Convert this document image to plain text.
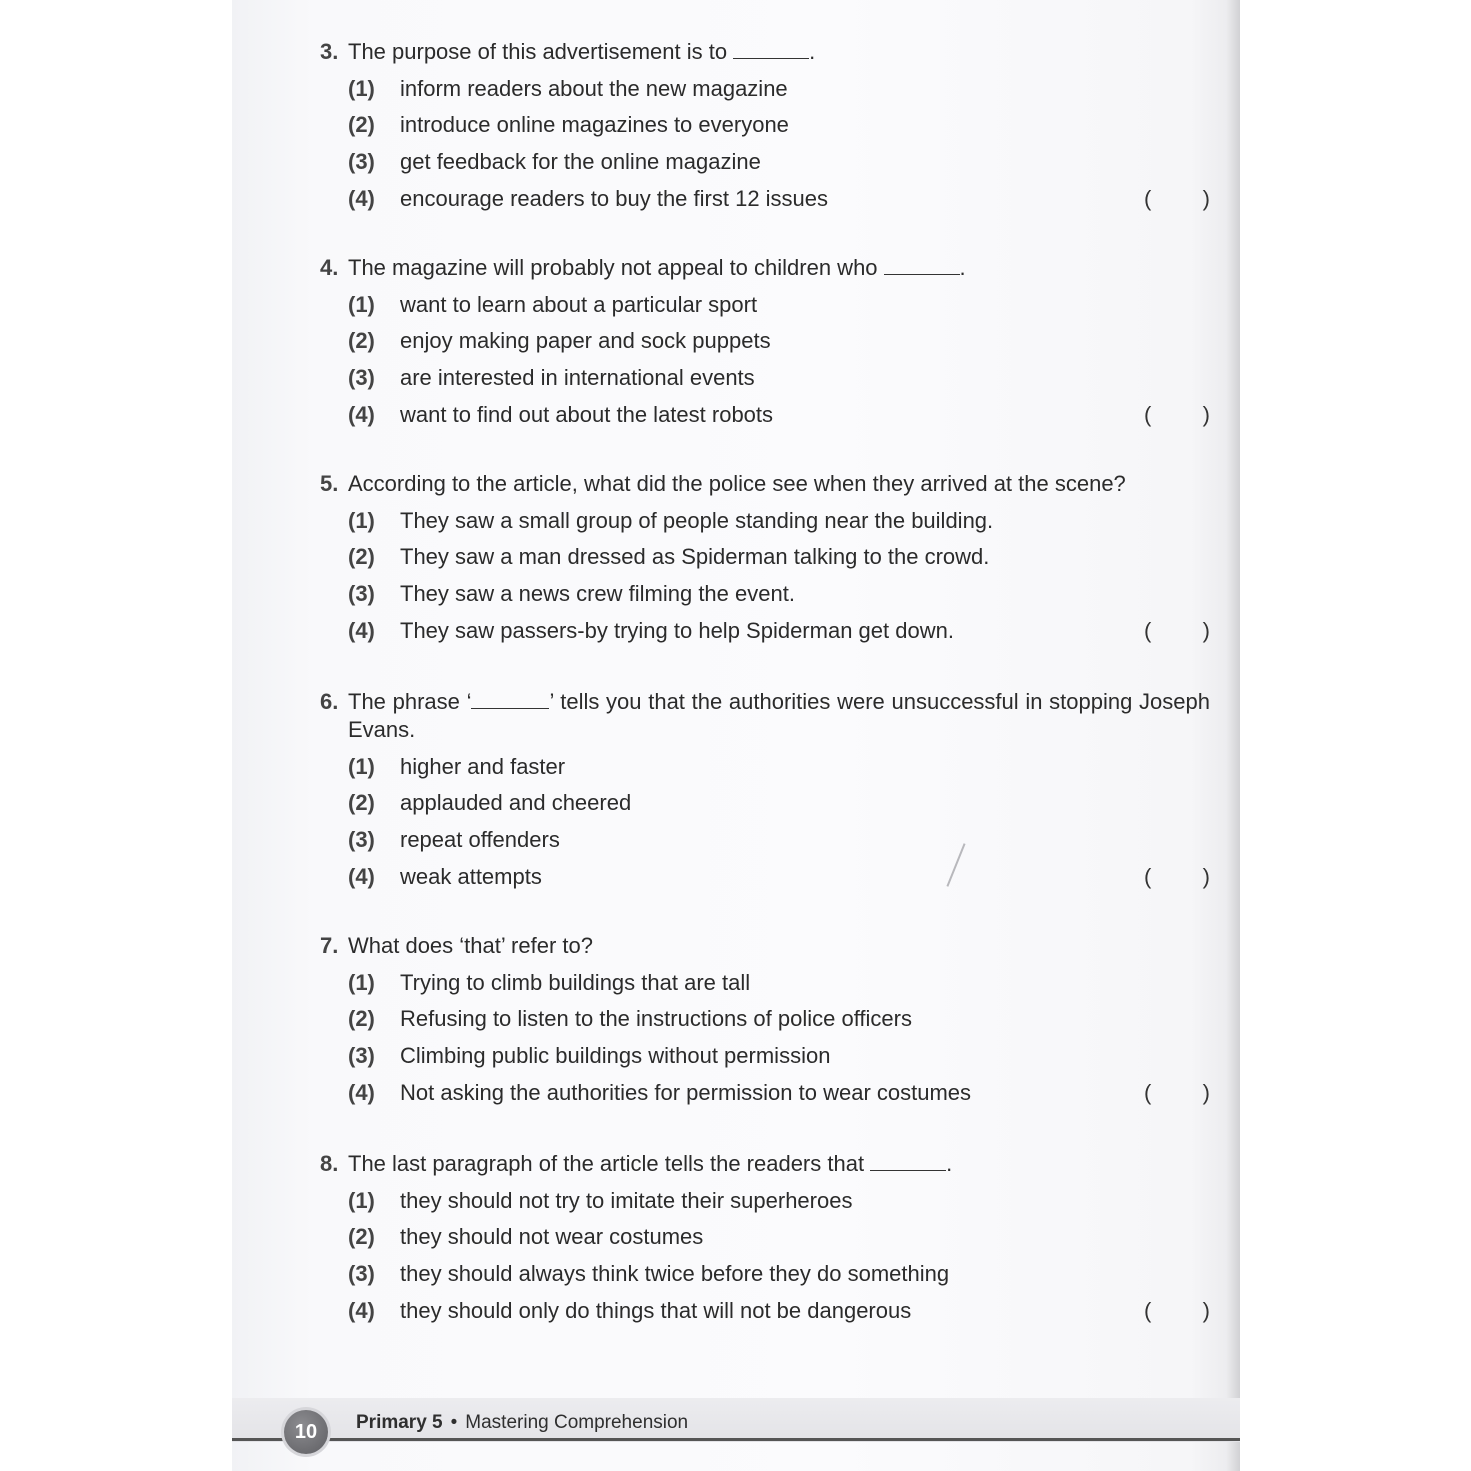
3. The purpose of this advertisement is to	.
(1)	inform readers about the new magazine
(2)	introduce online magazines to everyone
(3)	get feedback for the online magazine
(4)	encourage readers to buy the first 12 issues	( )
4. The magazine will probably not appeal to children who	.
(1)	want to learn about a particular sport
(2)	enjoy making paper and sock puppets
(3)	are interested in international events
(4)	want to find out about the latest robots	( )
5. According to the article, what did the police see when they arrived at the scene?
(1)	They saw a small group of people standing near the building.
(2)	They saw a man dressed as Spiderman talking to the crowd.
(3)	They saw a news crew filming the event.
(4)	They saw passers-by trying to help Spiderman get down.	( )
6. The phrase ‘	’ tells you that the authorities were unsuccessful in stopping Joseph Evans.
(1)	higher and faster
(2)	applauded and cheered
(3)	repeat offenders
(4)	weak attempts	( )
7. What does ‘that’ refer to?
(1)	Trying to climb buildings that are tall
(2)	Refusing to listen to the instructions of police officers
(3)	Climbing public buildings without permission
(4)	Not asking the authorities for permission to wear costumes	( )
8. The last paragraph of the article tells the readers that	.
(1)	they should not try to imitate their superheroes
(2)	they should not wear costumes
(3)	they should always think twice before they do something
(4)	they should only do things that will not be dangerous	( )
10	Primary 5 • Mastering Comprehension
